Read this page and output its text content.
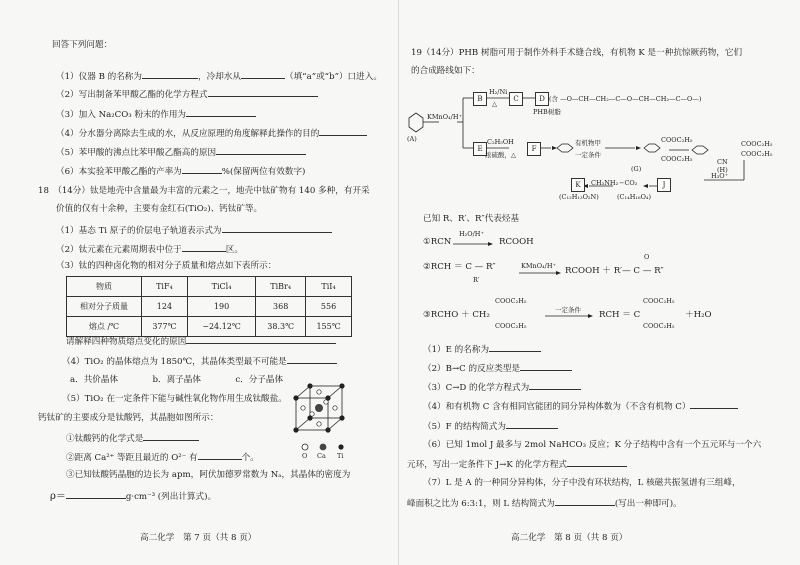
回答下列问题：
（1）仪器 B 的名称为	，冷却水从	（填“a”或“b”）口进入。
（2）写出制备苯甲酸乙酯的化学方程式
（3）加入 Na₂CO₃ 粉末的作用为
（4）分水器分离除去生成的水，从反应原理的角度解释此操作的目的
（5）苯甲酸的沸点比苯甲酸乙酯高的原因
（6）本实验苯甲酸乙酯的产率为	%(保留两位有效数字)
18　（14分）钛是地壳中含量最为丰富的元素之一，地壳中钛矿物有 140 多种，有开采
价值的仅有十余种，主要有金红石(TiO₂)、钙钛矿等。
（1）基态 Ti 原子的价层电子轨道表示式为
（2）钛元素在元素周期表中位于	区。
（3）钛的四种卤化物的相对分子质量和熔点如下表所示：
物质	TiF₄	TiCl₄	TiBr₄	TiI₄
相对分子质量	124	190	368	556
熔点 /℃	377℃	−24.12℃	38.3℃	155℃
请解释四种物质熔点变化的原因
（4）TiO₂ 的晶体熔点为 1850℃，其晶体类型最不可能是
a．共价晶体　　　　b．离子晶体　　　　c．分子晶体
（5）TiO₂ 在一定条件下能与碱性氧化物作用生成钛酸盐。
钙钛矿的主要成分是钛酸钙，其晶胞如图所示：
①钛酸钙的化学式是
②距离 Ca²⁺ 等距且最近的 O²⁻ 有	个。
③已知钛酸钙晶胞的边长为 apm，阿伏加德罗常数为 Nₐ，其晶体的密度为
ρ＝	g·cm⁻³ (列出计算式)。
O Ca Ti
高二化学　第 7 页（共 8 页）
19（14分）PHB 树脂可用于制作外科手术缝合线，有机物 K 是一种抗惊厥药物，它们
的合成路线如下：
(A)
KMnO₄/H⁺
B
H₂/Ni
△
C	D (含 —O—CH—CH₂—C—O—CH—CH₂—C—O—)
PHB树脂
E
C₂H₅OH
浓硫酸，△
F
有机物甲
一定条件
COOC₂H₅
COOC₂H₅
(G)
COOC₂H₅
COOC₂H₅
CN
(H)
H₃O⁺
J
−CO₂
CH₃NH₂
K
(C₁₂H₁₃O₂N)	(C₁₄H₁₆O₄)
已知 R、R′、R″代表烃基
①RCN
H₂O/H⁺
RCOOH
②RCH ＝ C — R″
R′
KMnO₄/H⁺ RCOOH ＋ R′— C — R″
O
③RCHO ＋ CH₂
COOC₂H₅
COOC₂H₅
一定条件 RCH ＝ C
COOC₂H₅
COOC₂H₅
＋H₂O
（1）E 的名称为
（2）B→C 的反应类型是
（3）C→D 的化学方程式为
（4）和有机物 C 含有相同官能团的同分异构体数为（不含有机物 C）
（5）F 的结构简式为
（6）已知 1mol J 最多与 2mol NaHCO₃ 反应；K 分子结构中含有一个五元环与一个六
元环，写出一定条件下 J→K 的化学方程式
（7）L 是 A 的一种同分异构体，分子中没有环状结构，L 核磁共振氢谱有三组峰，
峰面积之比为 6:3:1，则 L 结构简式为	(写出一种即可)。
高二化学　第 8 页（共 8 页）
